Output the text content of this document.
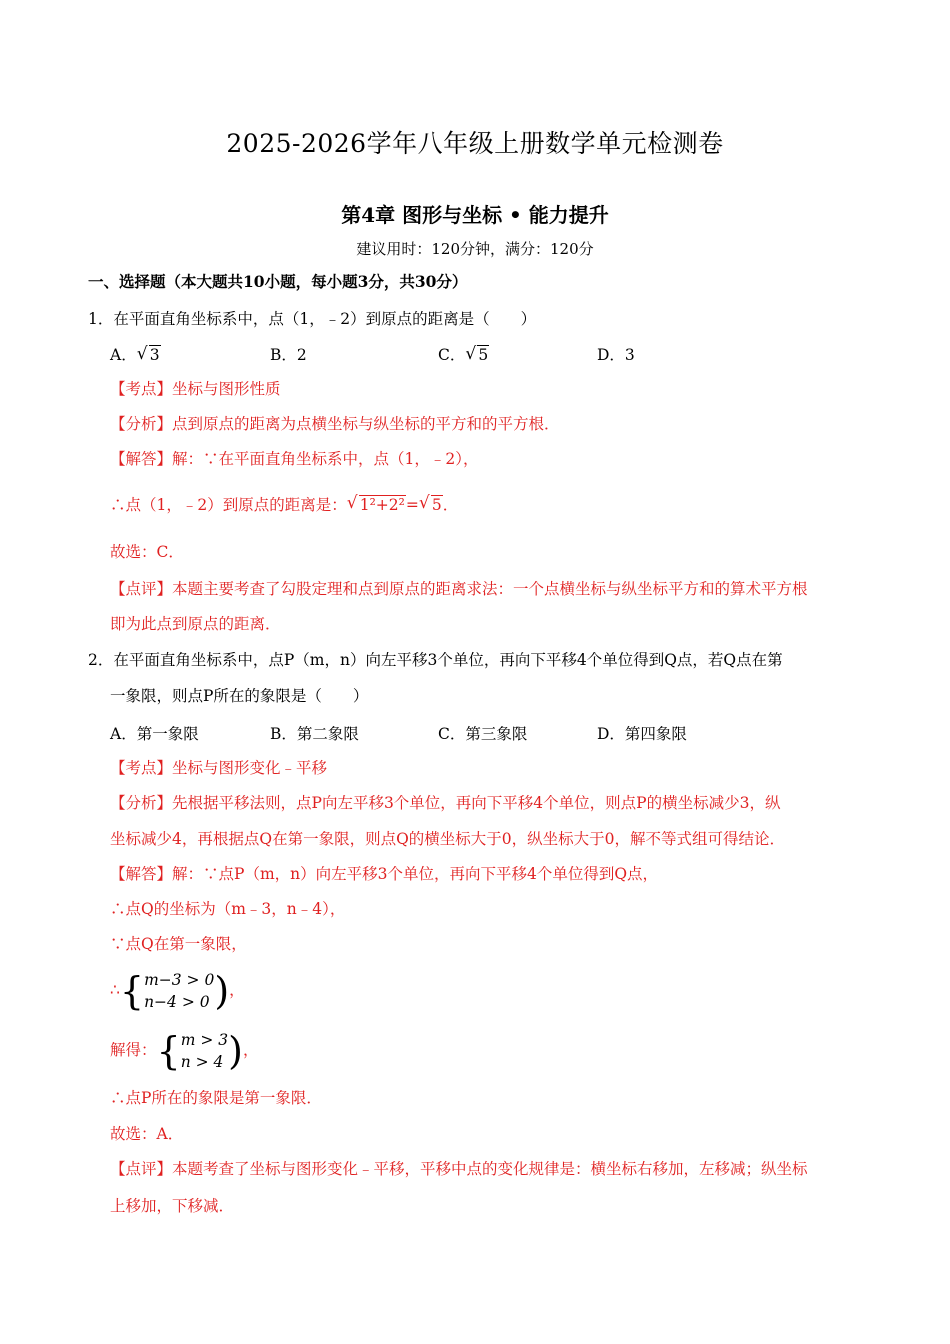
2025-2026学年八年级上册数学单元检测卷
第4章 图形与坐标 • 能力提升
建议用时：120分钟，满分：120分
一、选择题（本大题共10小题，每小题3分，共30分）
1．在平面直角坐标系中，点（1，﹣2）到原点的距离是（　　）
A． √ 3	B．2	C． √ 5	D．3
【考点】坐标与图形性质
【分析】点到原点的距离为点横坐标与纵坐标的平方和的平方根．
【解答】解：∵在平面直角坐标系中，点（1，﹣2），
∴点（1，﹣2）到原点的距离是： √ 1²+2²= √ 5．
故选：C．
【点评】本题主要考查了勾股定理和点到原点的距离求法：一个点横坐标与纵坐标平方和的算术平方根
即为此点到原点的距离．
2．在平面直角坐标系中，点P（m，n）向左平移3个单位，再向下平移4个单位得到Q点，若Q点在第
一象限，则点P所在的象限是（　　）
A．第一象限	B．第二象限	C．第三象限	D．第四象限
【考点】坐标与图形变化﹣平移
【分析】先根据平移法则，点P向左平移3个单位，再向下平移4个单位，则点P的横坐标减少3，纵
坐标减少4，再根据点Q在第一象限，则点Q的横坐标大于0，纵坐标大于0，解不等式组可得结论．
【解答】解：∵点P（m，n）向左平移3个单位，再向下平移4个单位得到Q点，
∴点Q的坐标为（m﹣3，n﹣4），
∵点Q在第一象限，
∴{ m−3 > 0
n−4 > 0 )，
解得：{ m > 3
n > 4 )，
∴点P所在的象限是第一象限．
故选：A．
【点评】本题考查了坐标与图形变化﹣平移，平移中点的变化规律是：横坐标右移加，左移减；纵坐标
上移加，下移减．
